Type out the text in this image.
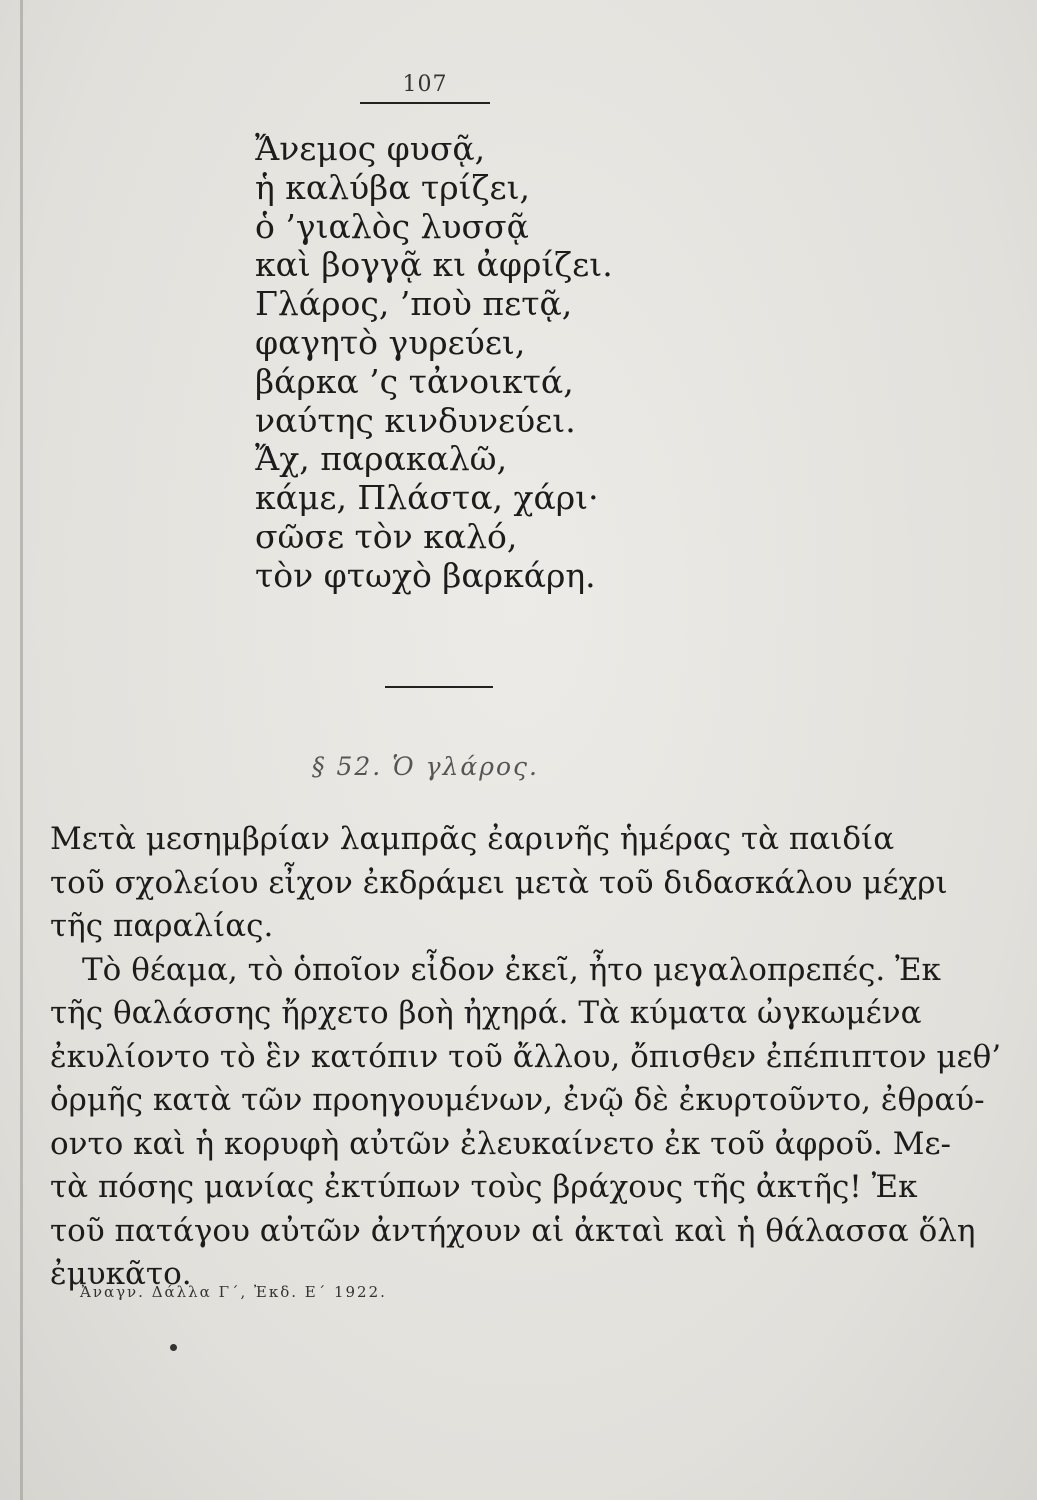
107
Ἄνεμος φυσᾷ,
ἡ καλύβα τρίζει,
ὁ ’γιαλὸς λυσσᾷ
καὶ βογγᾷ κι ἀφρίζει.
Γλάρος, ’ποὺ πετᾷ,
φαγητὸ γυρεύει,
βάρκα ’ς τἀνοικτά,
ναύτης κινδυνεύει.
Ἄχ, παρακαλῶ,
κάμε, Πλάστα, χάρι·
σῶσε τὸν καλό,
τὸν φτωχὸ βαρκάρη.
§ 52. Ὁ γλάρος.

Μετὰ μεσημβρίαν λαμπρᾶς ἐαρινῆς ἡμέρας τὰ παιδία

τοῦ σχολείου εἶχον ἐκδράμει μετὰ τοῦ διδασκάλου μέχρι

τῆς παραλίας.

Τὸ θέαμα, τὸ ὁποῖον εἶδον ἐκεῖ, ἦτο μεγαλοπρεπές. Ἐκ

τῆς θαλάσσης ἤρχετο βοὴ ἠχηρά. Τὰ κύματα ὠγκωμένα

ἐκυλίοντο τὸ ἓν κατόπιν τοῦ ἄλλου, ὄπισθεν ἐπέπιπτον μεθ’

ὁρμῆς κατὰ τῶν προηγουμένων, ἐνῷ δὲ ἐκυρτοῦντο, ἐθραύ-

οντο καὶ ἡ κορυφὴ αὐτῶν ἐλευκαίνετο ἐκ τοῦ ἀφροῦ. Με-

τὰ πόσης μανίας ἐκτύπων τοὺς βράχους τῆς ἀκτῆς! Ἐκ

τοῦ πατάγου αὐτῶν ἀντήχουν αἱ ἀκταὶ καὶ ἡ θάλασσα ὅλη

ἐμυκᾶτο.

Ἀναγν. Δάλλα Γ΄, Ἐκδ. Ε΄ 1922.
